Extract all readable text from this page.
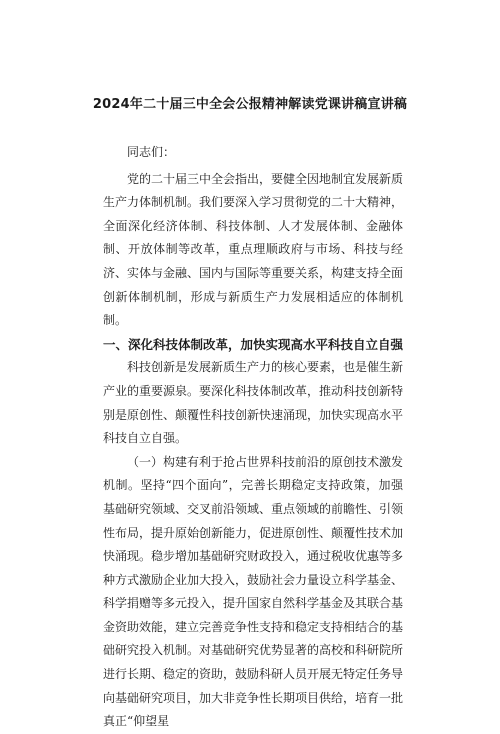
2024年二十届三中全会公报精神解读党课讲稿宣讲稿

同志们：

党的二十届三中全会指出，要健全因地制宜发展新质生产力体制机制。我们要深入学习贯彻党的二十大精神，全面深化经济体制、科技体制、人才发展体制、金融体制、开放体制等改革，重点理顺政府与市场、科技与经济、实体与金融、国内与国际等重要关系，构建支持全面创新体制机制，形成与新质生产力发展相适应的体制机制。

一、深化科技体制改革，加快实现高水平科技自立自强

科技创新是发展新质生产力的核心要素，也是催生新产业的重要源泉。要深化科技体制改革，推动科技创新特别是原创性、颠覆性科技创新快速涌现，加快实现高水平科技自立自强。

（一）构建有利于抢占世界科技前沿的原创技术激发机制。坚持“四个面向”，完善长期稳定支持政策，加强基础研究领域、交叉前沿领域、重点领域的前瞻性、引领性布局，提升原始创新能力，促进原创性、颠覆性技术加快涌现。稳步增加基础研究财政投入，通过税收优惠等多种方式激励企业加大投入，鼓励社会力量设立科学基金、科学捐赠等多元投入，提升国家自然科学基金及其联合基金资助效能，建立完善竞争性支持和稳定支持相结合的基础研究投入机制。对基础研究优势显著的高校和科研院所进行长期、稳定的资助，鼓励科研人员开展无特定任务导向基础研究项目，加大非竞争性长期项目供给，培育一批真正“仰望星
